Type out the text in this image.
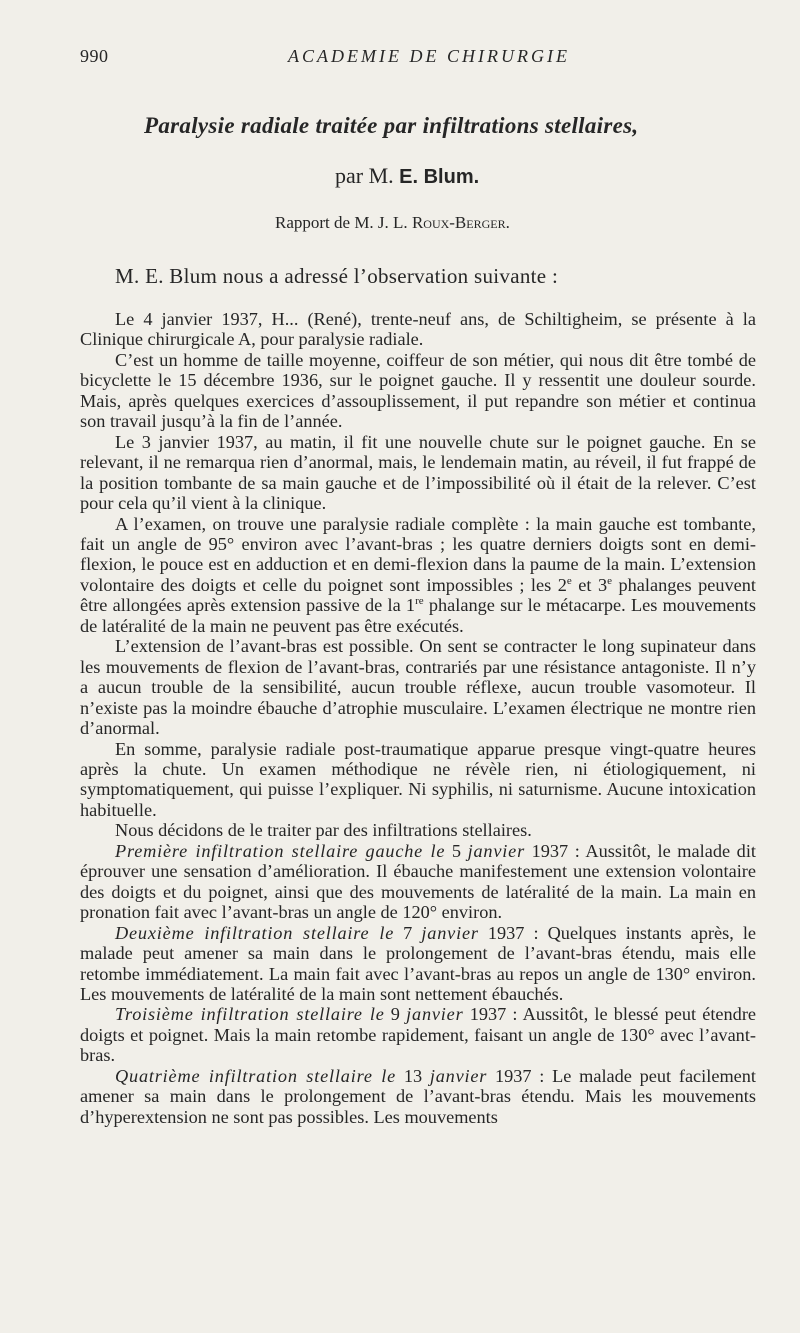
990	ACADEMIE DE CHIRURGIE
Paralysie radiale traitée par infiltrations stellaires,
par M. E. Blum.
Rapport de M. J. L. Roux-Berger.
M. E. Blum nous a adressé l’observation suivante :

Le 4 janvier 1937, H... (René), trente-neuf ans, de Schiltigheim, se présente à la Clinique chirurgicale A, pour paralysie radiale.

C’est un homme de taille moyenne, coiffeur de son métier, qui nous dit être tombé de bicyclette le 15 décembre 1936, sur le poignet gauche. Il y ressentit une douleur sourde. Mais, après quelques exercices d’assouplissement, il put repandre son métier et continua son travail jusqu’à la fin de l’année.

Le 3 janvier 1937, au matin, il fit une nouvelle chute sur le poignet gauche. En se relevant, il ne remarqua rien d’anormal, mais, le lendemain matin, au réveil, il fut frappé de la position tombante de sa main gauche et de l’impossibilité où il était de la relever. C’est pour cela qu’il vient à la clinique.

A l’examen, on trouve une paralysie radiale complète : la main gauche est tombante, fait un angle de 95° environ avec l’avant-bras ; les quatre derniers doigts sont en demi-flexion, le pouce est en adduction et en demi-flexion dans la paume de la main. L’extension volontaire des doigts et celle du poignet sont impossibles ; les 2e et 3e phalanges peuvent être allongées après extension passive de la 1re phalange sur le métacarpe. Les mouvements de latéralité de la main ne peuvent pas être exécutés.

L’extension de l’avant-bras est possible. On sent se contracter le long supinateur dans les mouvements de flexion de l’avant-bras, contrariés par une résistance antagoniste. Il n’y a aucun trouble de la sensibilité, aucun trouble réflexe, aucun trouble vasomoteur. Il n’existe pas la moindre ébauche d’atrophie musculaire. L’examen électrique ne montre rien d’anormal.

En somme, paralysie radiale post-traumatique apparue presque vingt-quatre heures après la chute. Un examen méthodique ne révèle rien, ni étiologiquement, ni symptomatiquement, qui puisse l’expliquer. Ni syphilis, ni saturnisme. Aucune intoxication habituelle.

Nous décidons de le traiter par des infiltrations stellaires.

Première infiltration stellaire gauche le 5 janvier 1937 : Aussitôt, le malade dit éprouver une sensation d’amélioration. Il ébauche manifestement une extension volontaire des doigts et du poignet, ainsi que des mouvements de latéralité de la main. La main en pronation fait avec l’avant-bras un angle de 120° environ.

Deuxième infiltration stellaire le 7 janvier 1937 : Quelques instants après, le malade peut amener sa main dans le prolongement de l’avant-bras étendu, mais elle retombe immédiatement. La main fait avec l’avant-bras au repos un angle de 130° environ. Les mouvements de latéralité de la main sont nettement ébauchés.

Troisième infiltration stellaire le 9 janvier 1937 : Aussitôt, le blessé peut étendre doigts et poignet. Mais la main retombe rapidement, faisant un angle de 130° avec l’avant-bras.

Quatrième infiltration stellaire le 13 janvier 1937 : Le malade peut facilement amener sa main dans le prolongement de l’avant-bras étendu. Mais les mouvements d’hyperextension ne sont pas possibles. Les mouvements
